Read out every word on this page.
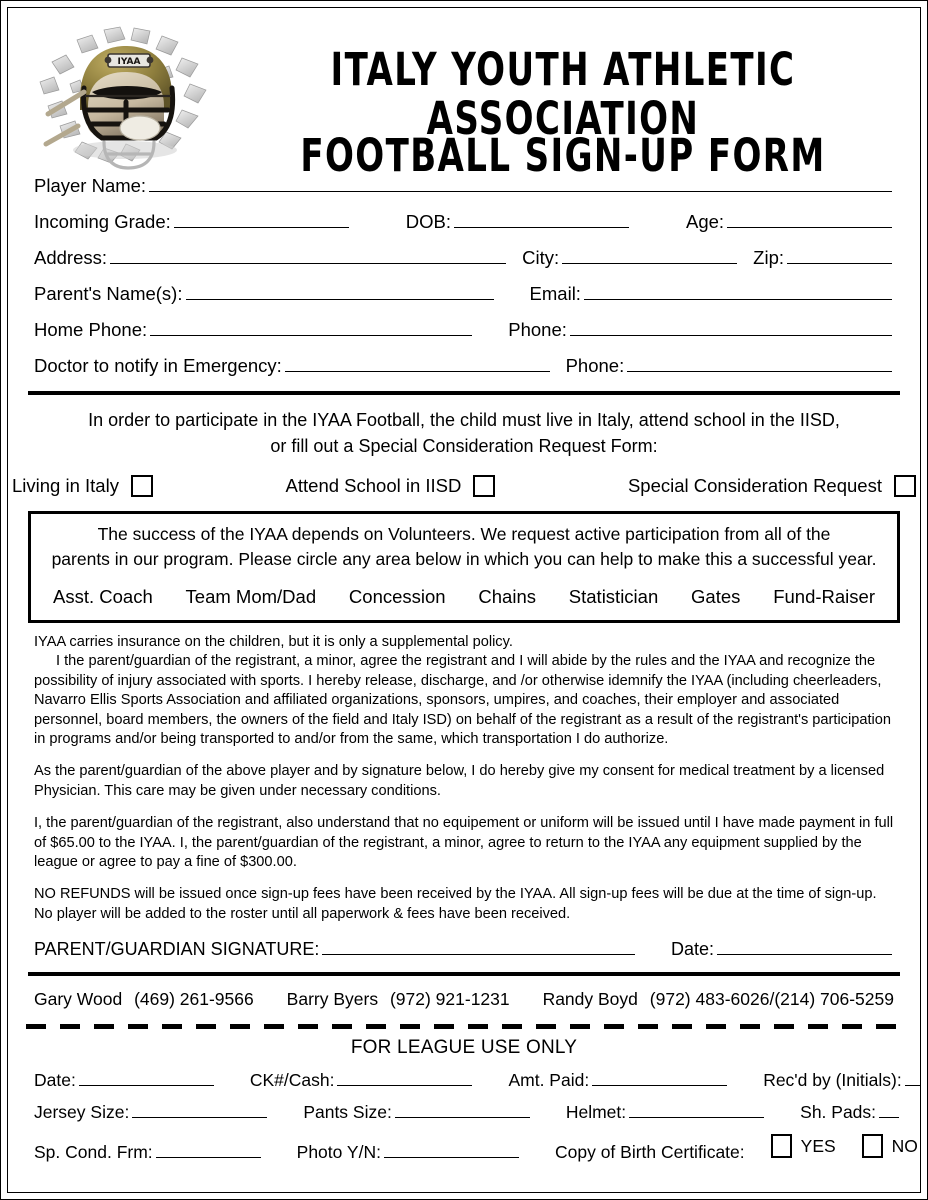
IYAA	ITALY YOUTH ATHLETIC ASSOCIATION
FOOTBALL SIGN-UP FORM
Player Name:
Incoming Grade:	DOB:	Age:
Address:	City:	Zip:
Parent's Name(s):	Email:
Home Phone:	Phone:
Doctor to notify in Emergency:	Phone:
In order to participate in the IYAA Football, the child must live in Italy, attend school in the IISD,
or fill out a Special Consideration Request Form:
Living in Italy	Attend School in IISD	Special Consideration Request
The success of the IYAA depends on Volunteers. We request active participation from all of the
parents in our program. Please circle any area below in which you can help to make this a successful year.
Asst. Coach Team Mom/Dad Concession Chains Statistician Gates Fund-Raiser

IYAA carries insurance on the children, but it is only a supplemental policy.

I the parent/guardian of the registrant, a minor, agree the registrant and I will abide by the rules and the IYAA and recognize the possibility of injury associated with sports. I hereby release, discharge, and /or otherwise idemnify the IYAA (including cheerleaders, Navarro Ellis Sports Association and affiliated organizations, sponsors, umpires, and coaches, their employer and associated personnel, board members, the owners of the field and Italy ISD) on behalf of the registrant as a result of the registrant's participation in programs and/or being transported to and/or from the same, which transportation I do authorize.

As the parent/guardian of the above player and by signature below, I do hereby give my consent for medical treatment by a licensed Physician. This care may be given under necessary conditions.

I, the parent/guardian of the registrant, also understand that no equipement or uniform will be issued until I have made payment in full of $65.00 to the IYAA. I, the parent/guardian of the registrant, a minor, agree to return to the IYAA any equipment supplied by the league or agree to pay a fine of $300.00.

NO REFUNDS will be issued once sign-up fees have been received by the IYAA. All sign-up fees will be due at the time of sign-up. No player will be added to the roster until all paperwork & fees have been received.

PARENT/GUARDIAN SIGNATURE:	Date:
Gary Wood (469) 261-9566 Barry Byers (972) 921-1231 Randy Boyd (972) 483-6026/(214) 706-5259
FOR LEAGUE USE ONLY
Date:	CK#/Cash:	Amt. Paid:	Rec'd by (Initials):
Jersey Size:	Pants Size:	Helmet:	Sh. Pads:
Sp. Cond. Frm:	Photo Y/N:	Copy of Birth Certificate:	YES	NO
